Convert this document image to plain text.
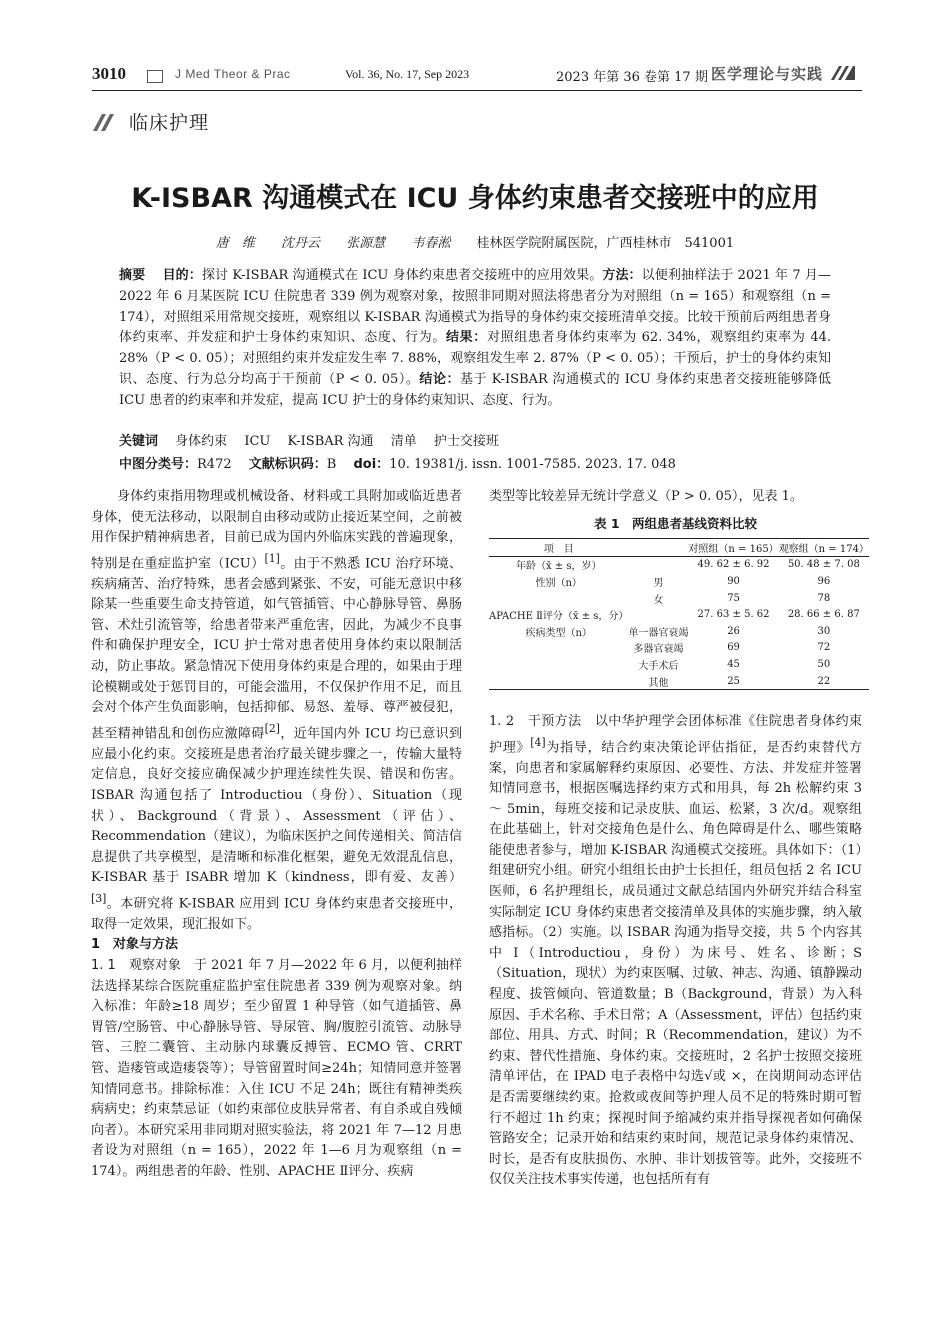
3010	J Med Theor & Prac	Vol. 36, No. 17, Sep 2023	2023 年第 36 卷第 17 期 医学理论与实践
临床护理
K-ISBAR 沟通模式在 ICU 身体约束患者交接班中的应用
唐　维 沈丹云 张源慧 韦春淞 桂林医学院附属医院，广西桂林市　541001
摘要　 目的：探讨 K-ISBAR 沟通模式在 ICU 身体约束患者交接班中的应用效果。方法：以便利抽样法于 2021 年 7 月—2022 年 6 月某医院 ICU 住院患者 339 例为观察对象，按照非同期对照法将患者分为对照组（n = 165）和观察组（n = 174），对照组采用常规交接班，观察组以 K-ISBAR 沟通模式为指导的身体约束交接班清单交接。比较干预前后两组患者身体约束率、并发症和护士身体约束知识、态度、行为。结果：对照组患者身体约束率为 62. 34%，观察组约束率为 44. 28%（P < 0. 05）；对照组约束并发症发生率 7. 88%，观察组发生率 2. 87%（P < 0. 05）；干预后，护士的身体约束知识、态度、行为总分均高于干预前（P < 0. 05）。结论：基于 K-ISBAR 沟通模式的 ICU 身体约束患者交接班能够降低 ICU 患者的约束率和并发症，提高 ICU 护士的身体约束知识、态度、行为。
关键词　 身体约束　 ICU　 K-ISBAR 沟通　 清单　 护士交接班
中图分类号：R472　 文献标识码：B　 doi：10. 19381/j. issn. 1001-7585. 2023. 17. 048

身体约束指用物理或机械设备、材料或工具附加或临近患者身体，使无法移动，以限制自由移动或防止接近某空间，之前被用作保护精神病患者，目前已成为国内外临床实践的普遍现象，特别是在重症监护室（ICU）[1]。由于不熟悉 ICU 治疗环境、疾病痛苦、治疗特殊，患者会感到紧张、不安，可能无意识中移除某一些重要生命支持管道，如气管插管、中心静脉导管、鼻肠管、术灶引流管等，给患者带来严重危害，因此，为减少不良事件和确保护理安全，ICU 护士常对患者使用身体约束以限制活动，防止事故。紧急情况下使用身体约束是合理的，如果由于理论模糊或处于惩罚目的，可能会滥用，不仅保护作用不足，而且会对个体产生负面影响，包括抑郁、易怒、羞辱、尊严被侵犯，甚至精神错乱和创伤应激障碍[2]，近年国内外 ICU 均已意识到应最小化约束。交接班是患者治疗最关键步骤之一，传输大量特定信息，良好交接应确保减少护理连续性失误、错误和伤害。ISBAR 沟通包括了 Introductiou（身份）、Situation（现状）、Background（背景）、Assessment（评估）、Recommendation（建议），为临床医护之间传递相关、简洁信息提供了共享模型，是清晰和标准化框架，避免无效混乱信息，K-ISBAR 基于 ISABR 增加 K（kindness，即有爱、友善）[3]。本研究将 K-ISBAR 应用到 ICU 身体约束患者交接班中，取得一定效果，现汇报如下。

1　对象与方法

1. 1　观察对象　 于 2021 年 7 月—2022 年 6 月，以便利抽样法选择某综合医院重症监护室住院患者 339 例为观察对象。纳入标准：年龄≥18 周岁；至少留置 1 种导管（如气道插管、鼻胃管/空肠管、中心静脉导管、导尿管、胸/腹腔引流管、动脉导管、三腔二囊管、主动脉内球囊反搏管、ECMO 管、CRRT 管、造瘘管或造瘘袋等）；导管留置时间≥24h；知情同意并签署知情同意书。排除标准：入住 ICU 不足 24h；既往有精神类疾病病史；约束禁忌证（如约束部位皮肤异常者、有自杀或自残倾向者）。本研究采用非同期对照实验法，将 2021 年 7—12 月患者设为对照组（n = 165），2022 年 1—6 月为观察组（n = 174）。两组患者的年龄、性别、APACHE Ⅱ评分、疾病

类型等比较差异无统计学意义（P > 0. 05），见表 1。
表 1　两组患者基线资料比较
项　目		对照组（n = 165）	观察组（n = 174）
年龄（x̄ ± s，岁）		49. 62 ± 6. 92	50. 48 ± 7. 08
性别（n）	男	90	96
	女	75	78
APACHE Ⅱ评分（x̄ ± s，分）		27. 63 ± 5. 62	28. 66 ± 6. 87
疾病类型（n）	单一器官衰竭	26	30
	多器官衰竭	69	72
	大手术后	45	50
	其他	25	22

1. 2　干预方法　 以中华护理学会团体标准《住院患者身体约束护理》[4]为指导，结合约束决策论评估指征，是否约束替代方案，向患者和家属解释约束原因、必要性、方法、并发症并签署知情同意书，根据医嘱选择约束方式和用具，每 2h 松解约束 3 ～ 5min，每班交接和记录皮肤、血运、松紧，3 次/d。观察组在此基础上，针对交接角色是什么、角色障碍是什么、哪些策略能使患者参与，增加 K-ISBAR 沟通模式交接班。具体如下：（1）组建研究小组。研究小组组长由护士长担任，组员包括 2 名 ICU 医师，6 名护理组长，成员通过文献总结国内外研究并结合科室实际制定 ICU 身体约束患者交接清单及具体的实施步骤，纳入敏感指标。（2）实施。以 ISBAR 沟通为指导交接，共 5 个内容其中 I（Introductiou，身份）为床号、姓名、诊断；S（Situation，现状）为约束医嘱、过敏、神志、沟通、镇静躁动程度、拔管倾向、管道数量；B（Background，背景）为入科原因、手术名称、手术日常；A（Assessment，评估）包括约束部位、用具、方式、时间；R（Recommendation，建议）为不约束、替代性措施、身体约束。交接班时，2 名护士按照交接班清单评估，在 IPAD 电子表格中勾选√或 ×，在岗期间动态评估是否需要继续约束。抢救或夜间等护理人员不足的特殊时期可暂行不超过 1h 约束；探视时间予缩减约束并指导探视者如何确保管路安全；记录开始和结束约束时间，规范记录身体约束情况、时长，是否有皮肤损伤、水肿、非计划拔管等。此外，交接班不仅仅关注技术事实传递，也包括所有有
